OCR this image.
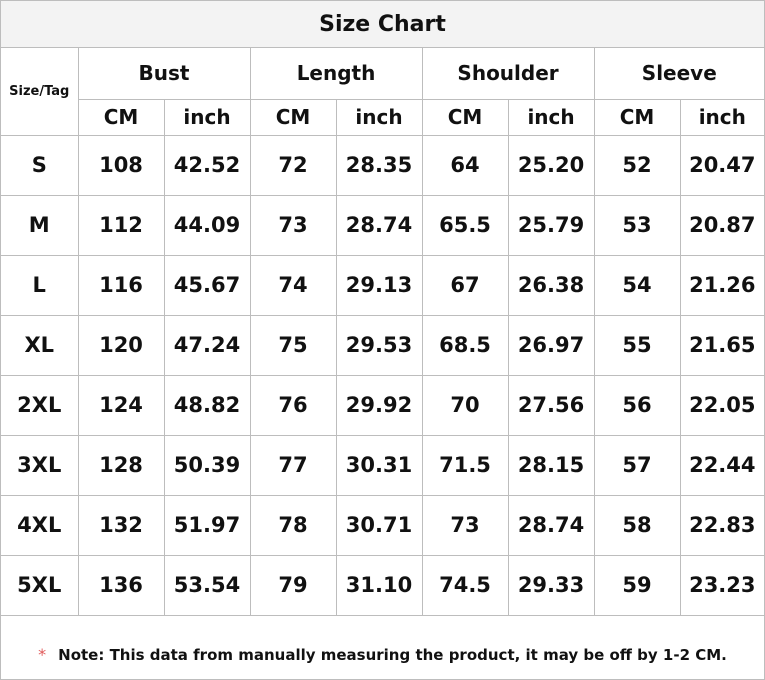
Size Chart
Size/Tag	Bust		Length		Shoulder		Sleeve	
	CM	inch	CM	inch	CM	inch	CM	inch
S	108	42.52	72	28.35	64	25.20	52	20.47
M	112	44.09	73	28.74	65.5	25.79	53	20.87
L	116	45.67	74	29.13	67	26.38	54	21.26
XL	120	47.24	75	29.53	68.5	26.97	55	21.65
2XL	124	48.82	76	29.92	70	27.56	56	22.05
3XL	128	50.39	77	30.31	71.5	28.15	57	22.44
4XL	132	51.97	78	30.71	73	28.74	58	22.83
5XL	136	53.54	79	31.10	74.5	29.33	59	23.23
* Note: This data from manually measuring the product, it may be off by 1-2 CM.
